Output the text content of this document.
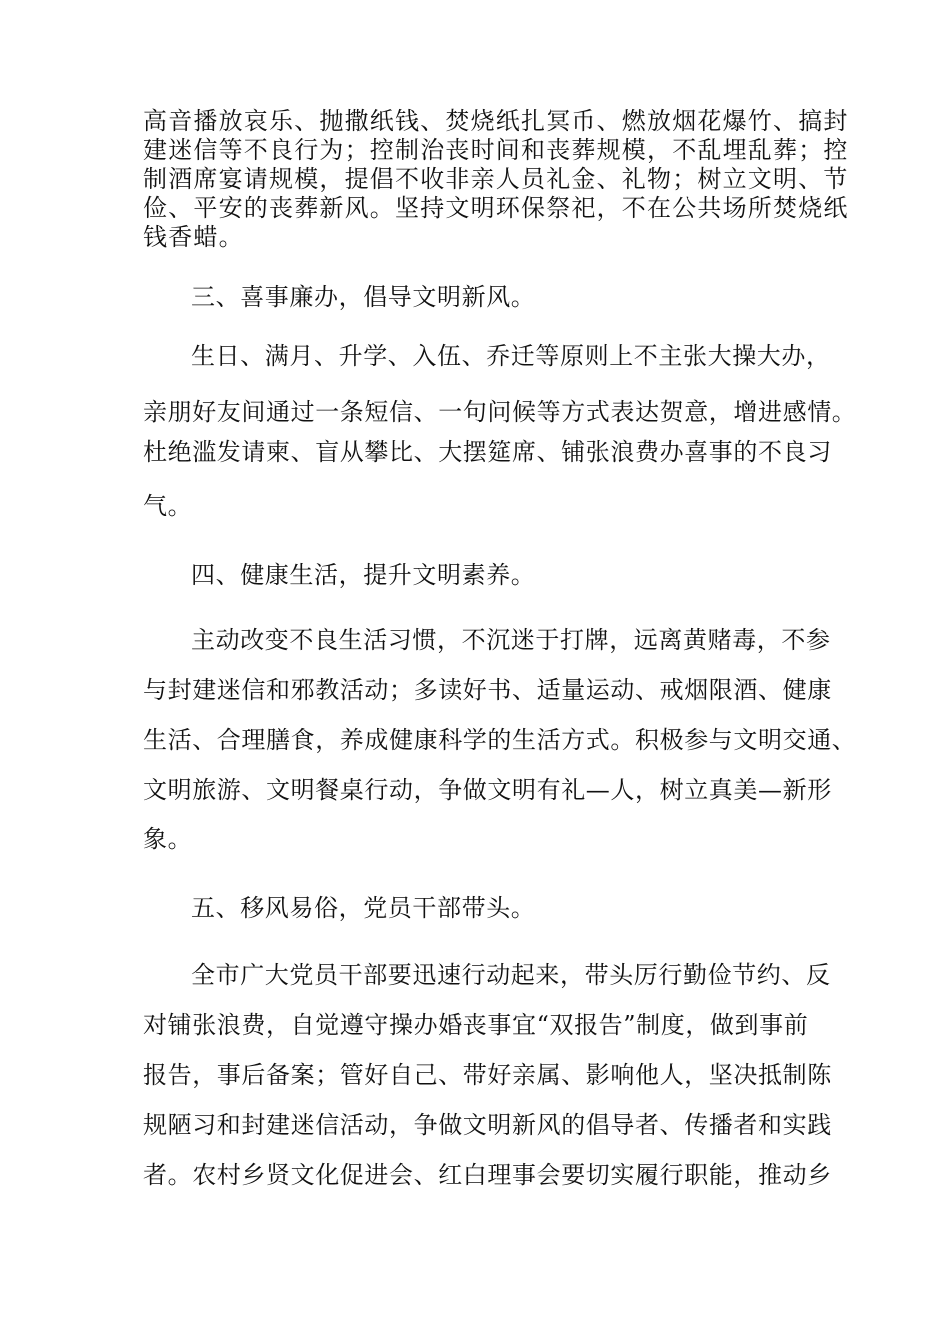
高音播放哀乐、抛撒纸钱、焚烧纸扎冥币、燃放烟花爆竹、搞封
建迷信等不良行为；控制治丧时间和丧葬规模，不乱埋乱葬；控
制酒席宴请规模，提倡不收非亲人员礼金、礼物；树立文明、节
俭、平安的丧葬新风。坚持文明环保祭祀，不在公共场所焚烧纸
钱香蜡。
三、喜事廉办，倡导文明新风。
生日、满月、升学、入伍、乔迁等原则上不主张大操大办，
亲朋好友间通过一条短信、一句问候等方式表达贺意，增进感情。
杜绝滥发请柬、盲从攀比、大摆筵席、铺张浪费办喜事的不良习
气。
四、健康生活，提升文明素养。
主动改变不良生活习惯，不沉迷于打牌，远离黄赌毒，不参
与封建迷信和邪教活动；多读好书、适量运动、戒烟限酒、健康
生活、合理膳食，养成健康科学的生活方式。积极参与文明交通、
文明旅游、文明餐桌行动，争做文明有礼—人，树立真美—新形
象。
五、移风易俗，党员干部带头。
全市广大党员干部要迅速行动起来，带头厉行勤俭节约、反
对铺张浪费，自觉遵守操办婚丧事宜“双报告”制度，做到事前
报告，事后备案；管好自己、带好亲属、影响他人，坚决抵制陈
规陋习和封建迷信活动，争做文明新风的倡导者、传播者和实践
者。农村乡贤文化促进会、红白理事会要切实履行职能，推动乡
